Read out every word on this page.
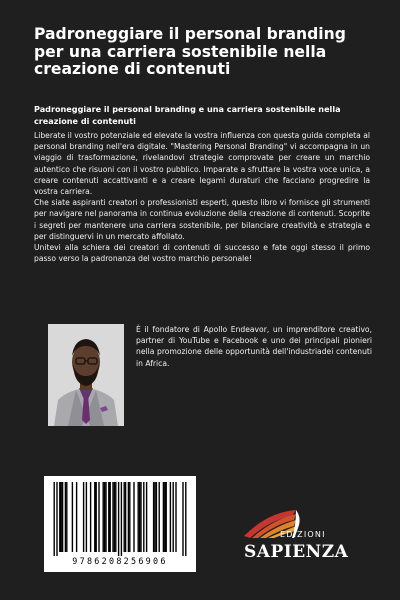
Padroneggiare il personal branding per una carriera sostenibile nella creazione di contenuti

Padroneggiare il personal branding e una carriera sostenibile nella creazione di contenuti

Liberate il vostro potenziale ed elevate la vostra influenza con questa guida completa al personal branding nell'era digitale. "Mastering Personal Branding" vi accompagna in un viaggio di trasformazione, rivelandovi strategie comprovate per creare un marchio autentico che risuoni con il vostro pubblico. Imparate a sfruttare la vostra voce unica, a creare contenuti accattivanti e a creare legami duraturi che facciano progredire la vostra carriera.

Che siate aspiranti creatori o professionisti esperti, questo libro vi fornisce gli strumenti per navigare nel panorama in continua evoluzione della creazione di contenuti. Scoprite i segreti per mantenere una carriera sostenibile, per bilanciare creatività e strategia e per distinguervi in un mercato affollato.

Unitevi alla schiera dei creatori di contenuti di successo e fate oggi stesso il primo passo verso la padronanza del vostro marchio personale!

È il fondatore di Apollo Endeavor, un imprenditore creativo, partner di YouTube e Facebook e uno dei principali pionieri nella promozione delle opportunità dell'industriadei contenuti in Africa.

9786208256906
EDIZIONI
SAPIENZA
